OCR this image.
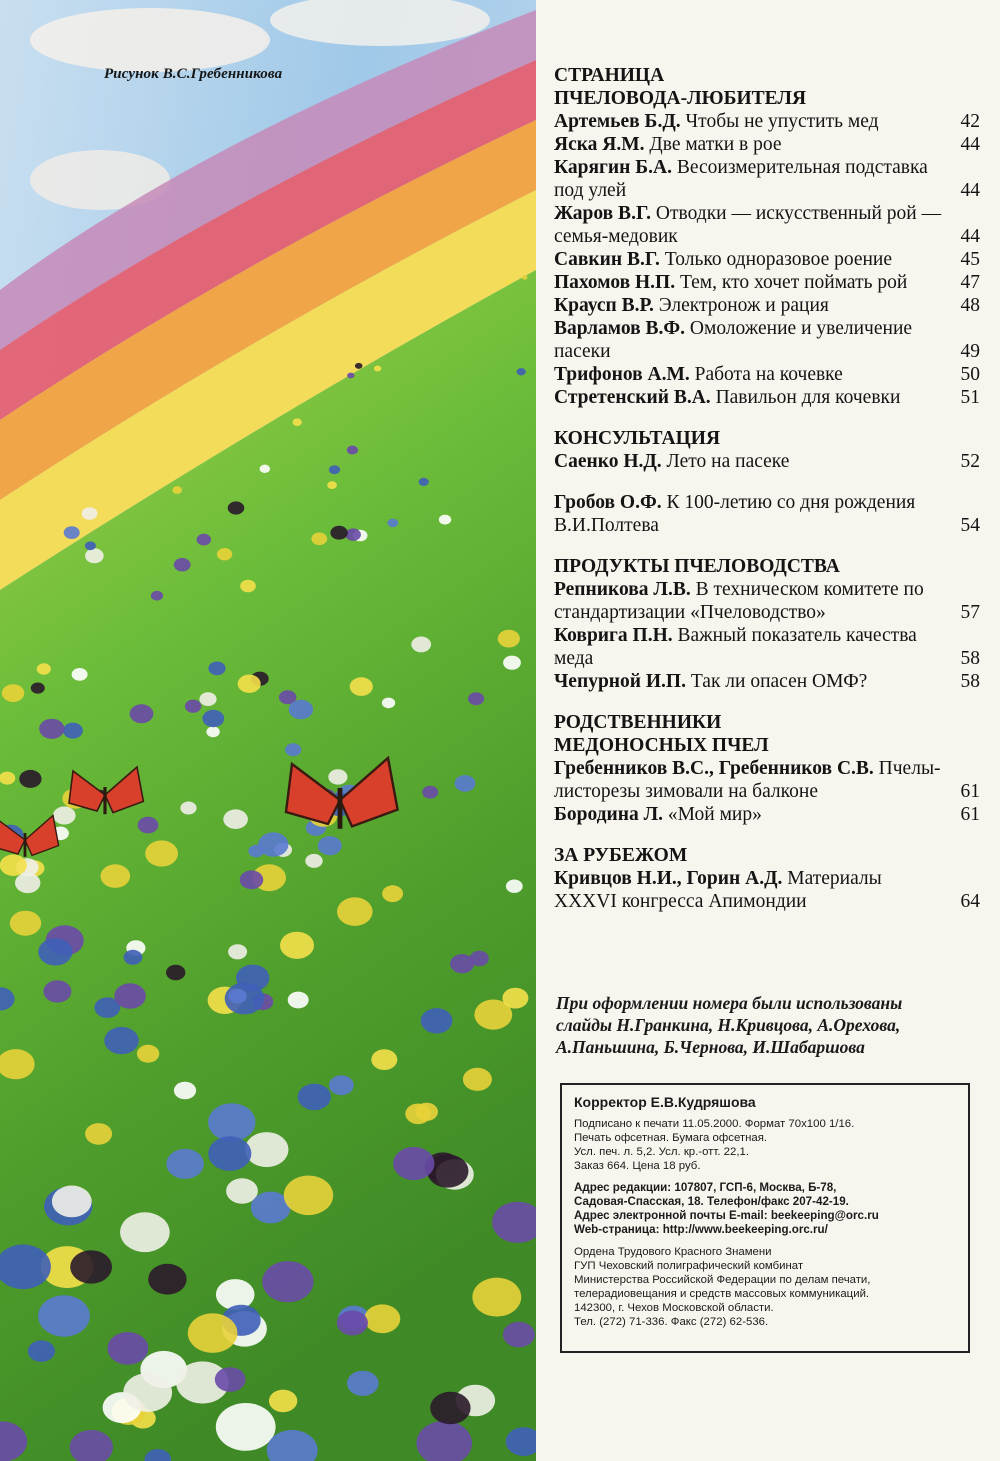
Рисунок В.С.Гребенникова	СТРАНИЦА
ПЧЕЛОВОДА-ЛЮБИТЕЛЯ
Артемьев Б.Д. Чтобы не упустить мед	42
Яска Я.М. Две матки в рое	44
Карягин Б.А. Весоизмерительная подставка под улей	44
Жаров В.Г. Отводки — искусственный рой — семья-медовик	44
Савкин В.Г. Только одноразовое роение	45
Пахомов Н.П. Тем, кто хочет поймать рой	47
Краусп В.Р. Электронож и рация	48
Варламов В.Ф. Омоложение и увеличение пасеки	49
Трифонов А.М. Работа на кочевке	50
Стретенский В.А. Павильон для кочевки	51
КОНСУЛЬТАЦИЯ
Саенко Н.Д. Лето на пасеке	52
Гробов О.Ф. К 100-летию со дня рождения В.И.Полтева	54
ПРОДУКТЫ ПЧЕЛОВОДСТВА
Репникова Л.В. В техническом комитете по стандартизации «Пчеловодство»	57
Коврига П.Н. Важный показатель качества меда	58
Чепурной И.П. Так ли опасен ОМФ?	58
РОДСТВЕННИКИ
МЕДОНОСНЫХ ПЧЕЛ
Гребенников В.С., Гребенников С.В. Пчелы-листорезы зимовали на балконе	61
Бородина Л. «Мой мир»	61
ЗА РУБЕЖОМ
Кривцов Н.И., Горин А.Д. Материалы XXXVI конгресса Апимондии	64

При оформлении номера были использованы слайды Н.Гранкина, Н.Кривцова, А.Орехова, А.Паньшина, Б.Чернова, И.Шабаршова

Корректор Е.В.Кудряшова

Подписано к печати 11.05.2000. Формат 70x100 1/16.

Печать офсетная. Бумага офсетная.

Усл. печ. л. 5,2. Усл. кр.-отт. 22,1.

Заказ 664. Цена 18 руб.

Адрес редакции: 107807, ГСП-6, Москва, Б-78,

Садовая-Спасская, 18. Телефон/факс 207-42-19.

Адрес электронной почты E-mail: beekeeping@orc.ru

Web-страница: http://www.beekeeping.orc.ru/

Ордена Трудового Красного Знамени

ГУП Чеховский полиграфический комбинат

Министерства Российской Федерации по делам печати,

телерадиовещания и средств массовых коммуникаций.

142300, г. Чехов Московской области.

Тел. (272) 71-336. Факс (272) 62-536.
